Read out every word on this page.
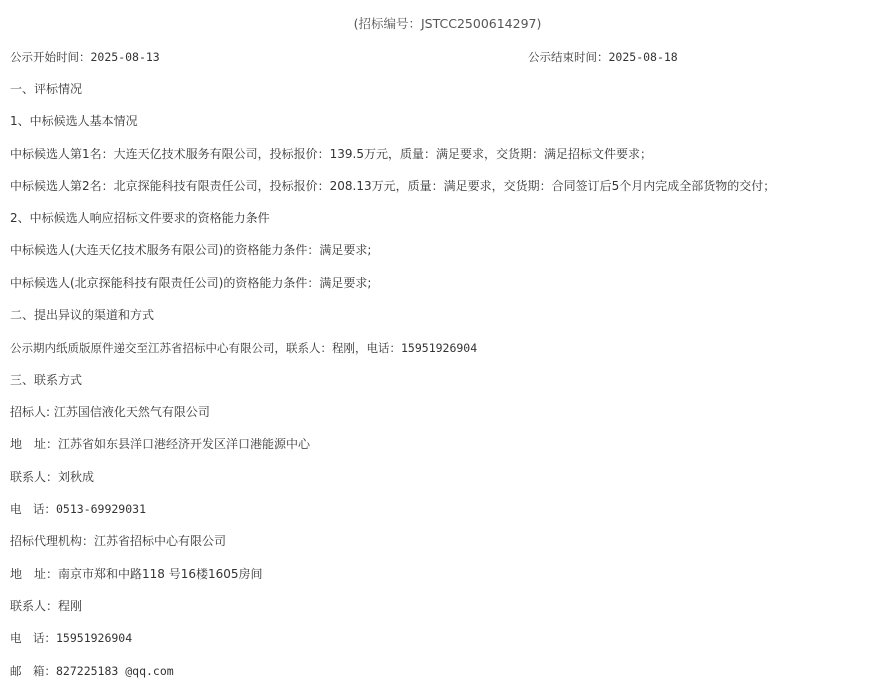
(招标编号：JSTCC2500614297)
公示开始时间：2025-08-13	公示结束时间：2025-08-18
一、评标情况
1、中标候选人基本情况
中标候选人第1名：大连天亿技术服务有限公司，投标报价：139.5万元，质量：满足要求，交货期：满足招标文件要求；
中标候选人第2名：北京探能科技有限责任公司，投标报价：208.13万元，质量：满足要求，交货期：合同签订后5个月内完成全部货物的交付；
2、中标候选人响应招标文件要求的资格能力条件
中标候选人(大连天亿技术服务有限公司)的资格能力条件：满足要求;
中标候选人(北京探能科技有限责任公司)的资格能力条件：满足要求;
二、提出异议的渠道和方式
公示期内纸质版原件递交至江苏省招标中心有限公司，联系人：程刚，电话：15951926904
三、联系方式
招标人: 江苏国信液化天然气有限公司
地　址：江苏省如东县洋口港经济开发区洋口港能源中心
联系人：刘秋成
电　话：0513-69929031
招标代理机构：江苏省招标中心有限公司
地　址：南京市郑和中路118 号16楼1605房间
联系人：程刚
电　话：15951926904
邮　箱：827225183 @qq.com
